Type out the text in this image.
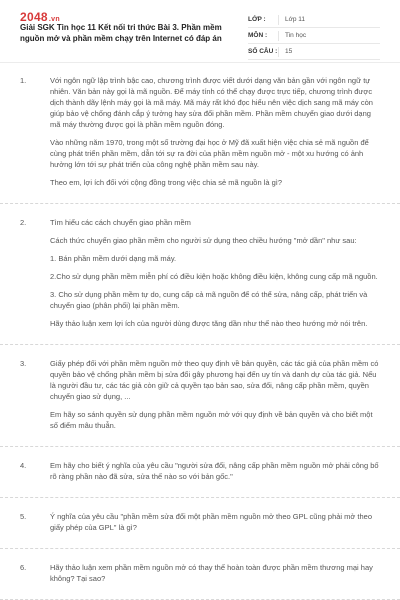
2048.vn
Giải SGK Tin học 11 Kết nối tri thức Bài 3. Phần mềm nguồn mở và phần mềm chạy trên Internet có đáp án
LỚP :	Lớp 11
MÔN :	Tin học
SỐ CÂU : 15
1.	Với ngôn ngữ lập trình bậc cao, chương trình được viết dưới dạng văn bản gần với ngôn ngữ tự nhiên. Văn bản này gọi là mã nguồn. Để máy tính có thể chạy được trực tiếp, chương trình được dịch thành dãy lệnh máy gọi là mã máy. Mã máy rất khó đọc hiểu nên việc dịch sang mã máy còn giúp bảo vệ chống đánh cắp ý tưởng hay sửa đổi phần mềm. Phần mềm chuyển giao dưới dạng mã máy thường được gọi là phần mềm nguồn đóng.

Vào những năm 1970, trong một số trường đại học ở Mỹ đã xuất hiện việc chia sẻ mã nguồn để cùng phát triển phần mềm, dẫn tới sự ra đời của phần mềm nguồn mở - một xu hướng có ảnh hưởng lớn tới sự phát triển của công nghệ phần mềm sau này.

Theo em, lợi ích đối với cộng đồng trong việc chia sẻ mã nguồn là gì?

2.	Tìm hiểu các cách chuyển giao phần mềm

Cách thức chuyển giao phần mềm cho người sử dụng theo chiều hướng "mở dần" như sau:

1. Bán phần mềm dưới dạng mã máy.

2.Cho sử dụng phần mềm miễn phí có điều kiện hoặc không điều kiện, không cung cấp mã nguồn.

3. Cho sử dụng phần mềm tự do, cung cấp cả mã nguồn để có thể sửa, nâng cấp, phát triển và chuyển giao (phân phối) lại phần mềm.

Hãy thảo luận xem lợi ích của người dùng được tăng dần như thế nào theo hướng mở nói trên.

3.	Giấy phép đối với phần mềm nguồn mở theo quy định về bản quyền, các tác giả của phần mềm có quyền bảo vệ chống phần mềm bị sửa đổi gây phương hại đến uy tín và danh dự của tác giả. Nếu là người đầu tư, các tác giả còn giữ cả quyền tạo bản sao, sửa đổi, nâng cấp phần mềm, quyền chuyển giao sử dụng, ...

Em hãy so sánh quyền sử dụng phần mềm nguồn mở với quy định về bản quyền và cho biết một số điểm mâu thuẫn.

4.	Em hãy cho biết ý nghĩa của yêu cầu "người sửa đổi, nâng cấp phần mềm nguồn mở phải công bố rõ ràng phần nào đã sửa, sửa thế nào so với bản gốc."

5.	Ý nghĩa của yêu cầu "phần mềm sửa đổi một phần mềm nguồn mở theo GPL cũng phải mở theo giấy phép của GPL" là gì?

6.	Hãy thảo luận xem phần mềm nguồn mở có thay thế hoàn toàn được phần mềm thương mại hay không? Tại sao?
